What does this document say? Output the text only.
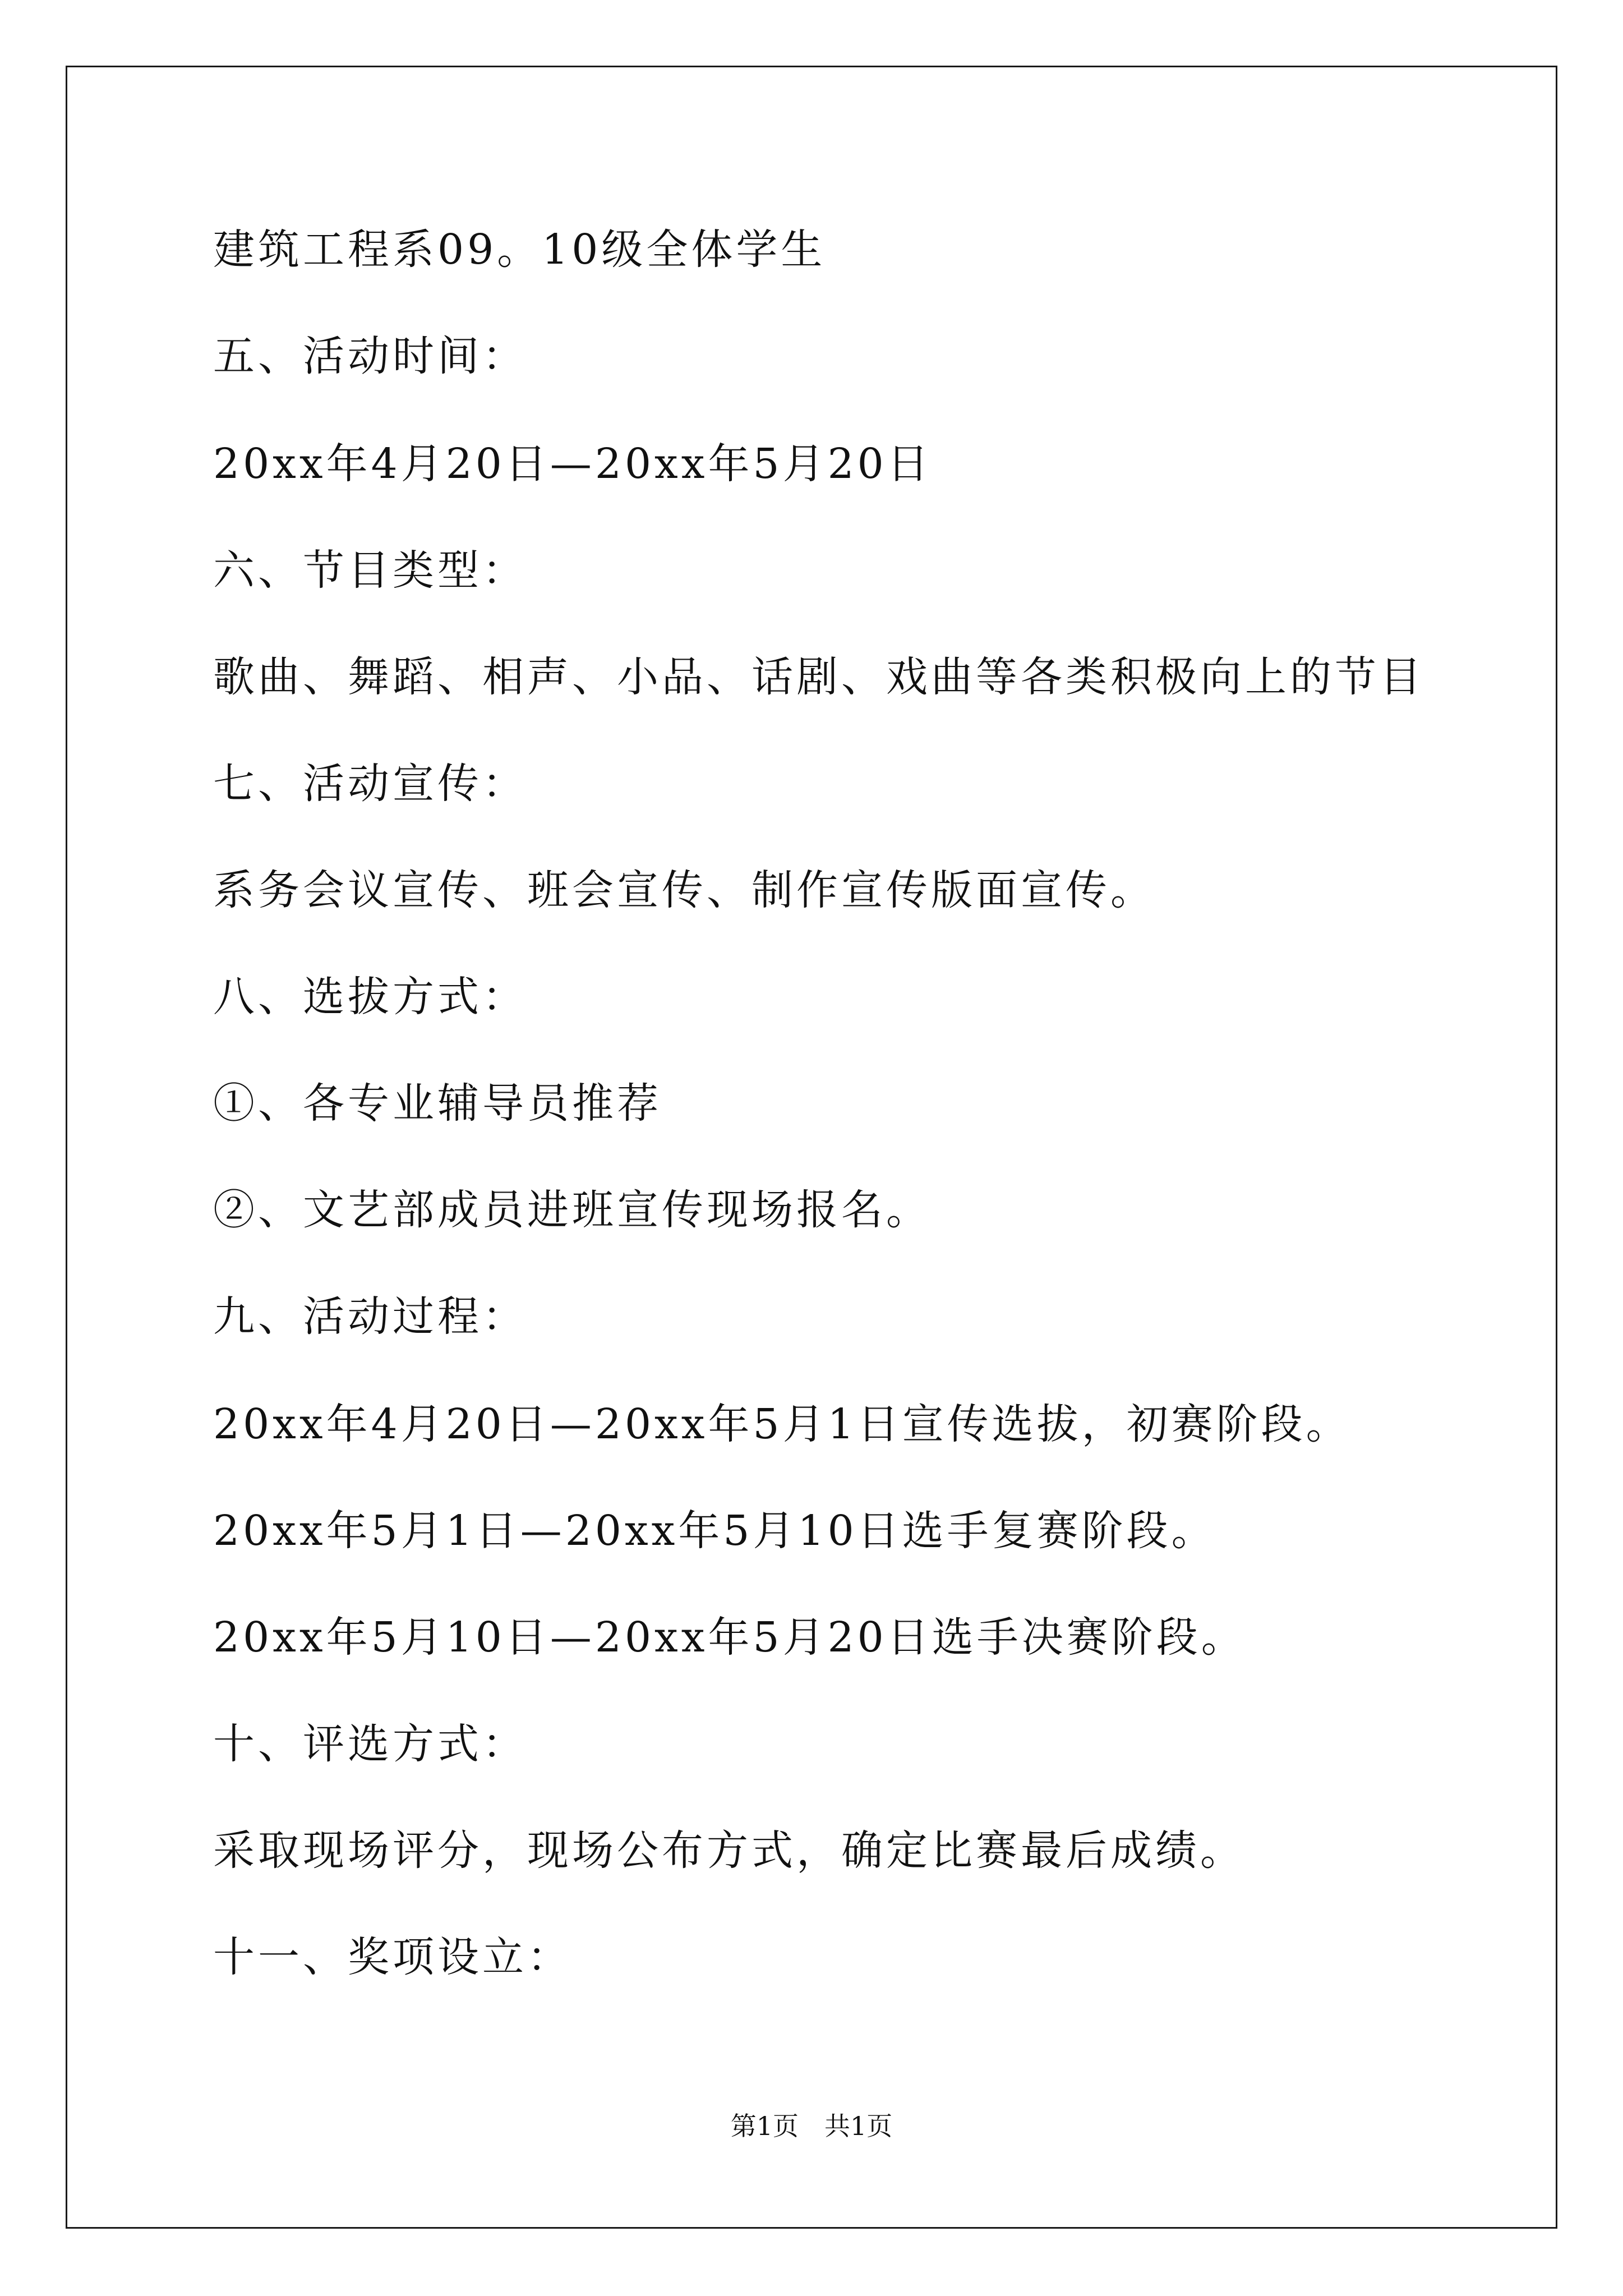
建筑工程系09。10级全体学生
五、活动时间：
20xx年4月20日—20xx年5月20日
六、节目类型：
歌曲、舞蹈、相声、小品、话剧、戏曲等各类积极向上的节目
七、活动宣传：
系务会议宣传、班会宣传、制作宣传版面宣传。
八、选拔方式：
①、各专业辅导员推荐
②、文艺部成员进班宣传现场报名。
九、活动过程：
20xx年4月20日—20xx年5月1日宣传选拔，初赛阶段。
20xx年5月1日—20xx年5月10日选手复赛阶段。
20xx年5月10日—20xx年5月20日选手决赛阶段。
十、评选方式：
采取现场评分，现场公布方式，确定比赛最后成绩。
十一、奖项设立：
第1页　共1页
